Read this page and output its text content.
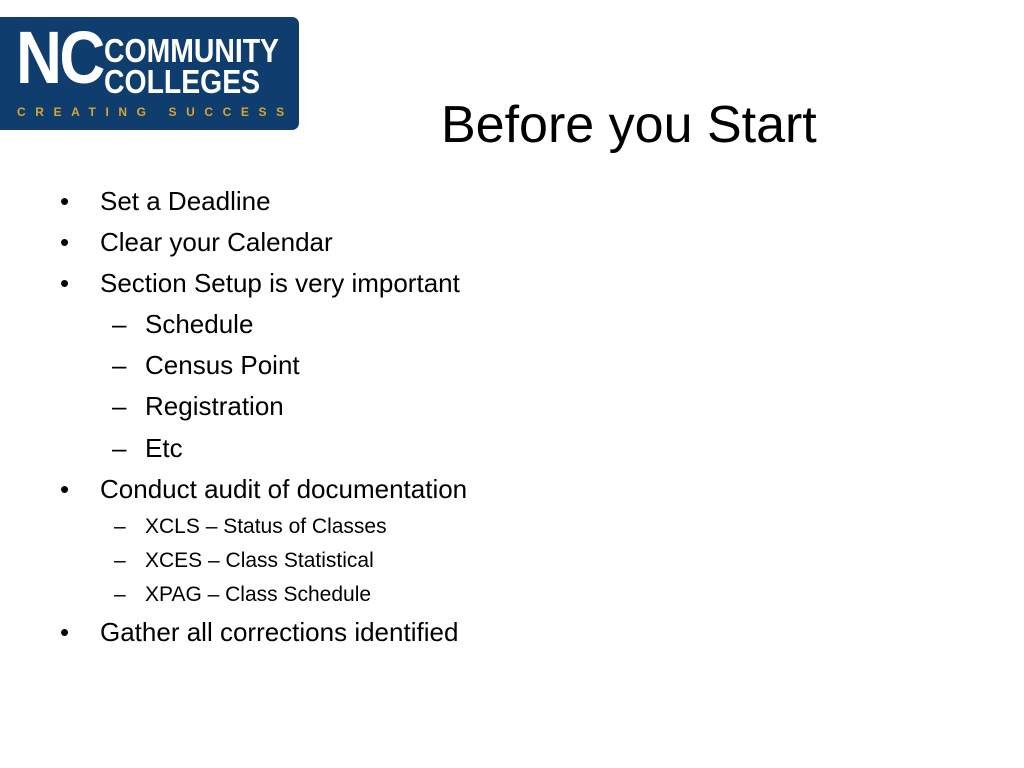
NC COMMUNITY
COLLEGES
CREATING SUCCESS	Before you Start
• Set a Deadline
• Clear your Calendar
• Section Setup is very important
– Schedule
– Census Point
– Registration
– Etc
• Conduct audit of documentation
– XCLS – Status of Classes
– XCES – Class Statistical
– XPAG – Class Schedule
• Gather all corrections identified
